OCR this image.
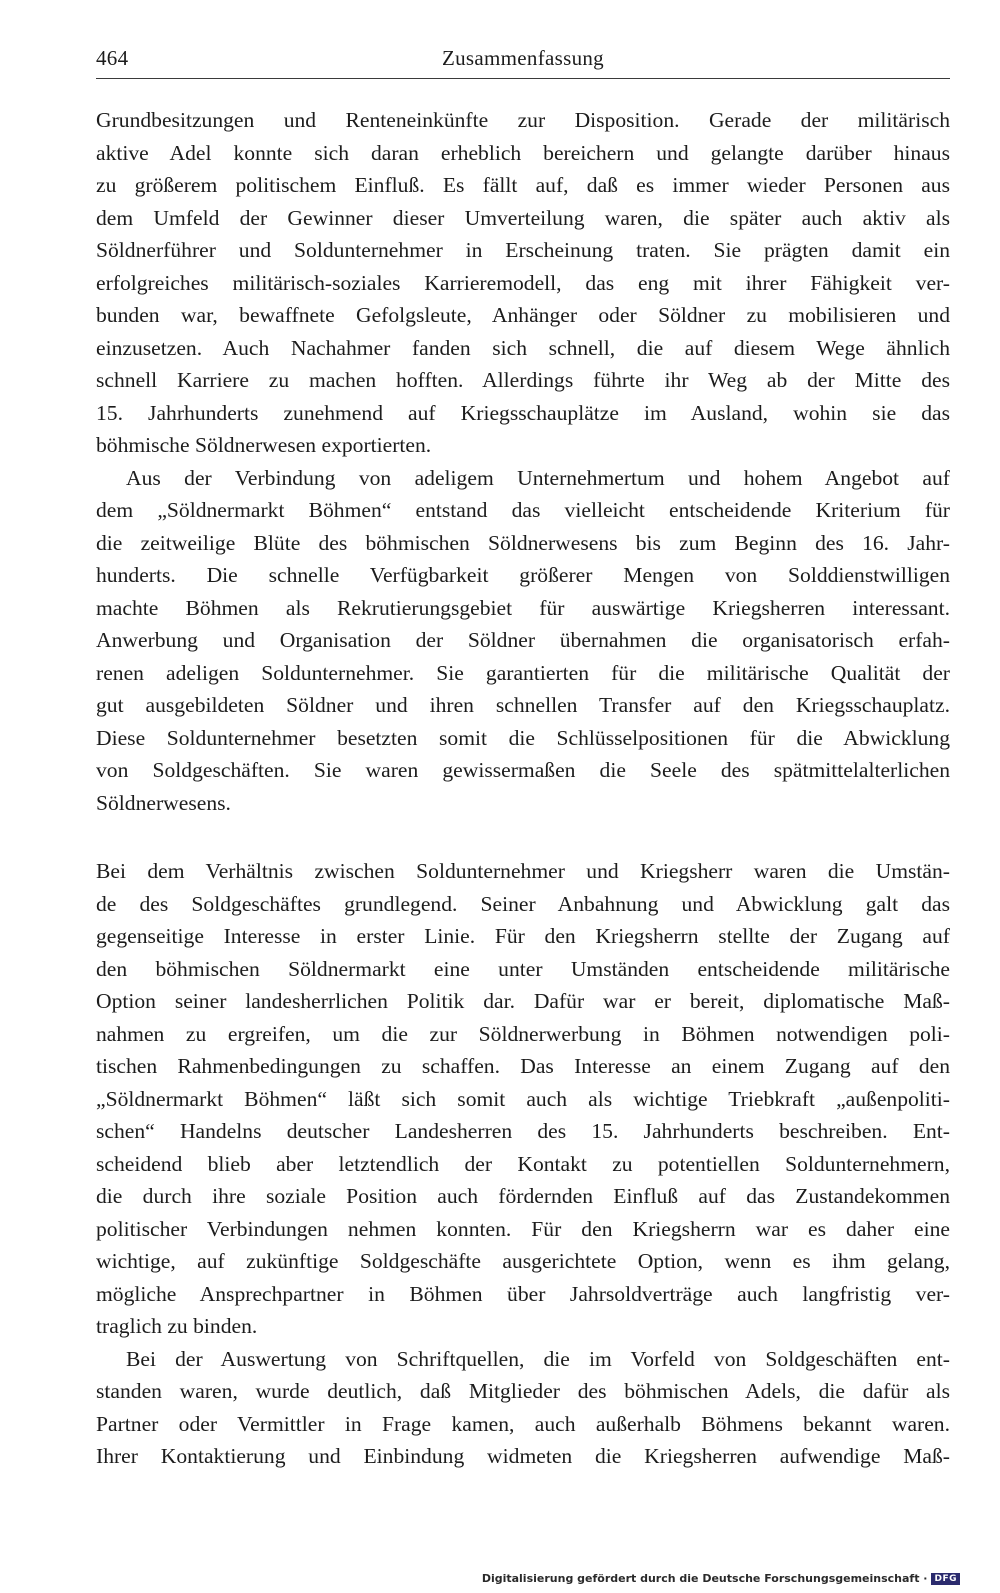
464	Zusammenfassung
Grundbesitzungen und Renteneinkünfte zur Disposition. Gerade der militärisch
aktive Adel konnte sich daran erheblich bereichern und gelangte darüber hinaus
zu größerem politischem Einfluß. Es fällt auf, daß es immer wieder Personen aus
dem Umfeld der Gewinner dieser Umverteilung waren, die später auch aktiv als
Söldnerführer und Soldunternehmer in Erscheinung traten. Sie prägten damit ein
erfolgreiches militärisch-soziales Karrieremodell, das eng mit ihrer Fähigkeit ver-
bunden war, bewaffnete Gefolgsleute, Anhänger oder Söldner zu mobilisieren und
einzusetzen. Auch Nachahmer fanden sich schnell, die auf diesem Wege ähnlich
schnell Karriere zu machen hofften. Allerdings führte ihr Weg ab der Mitte des
15. Jahrhunderts zunehmend auf Kriegsschauplätze im Ausland, wohin sie das
böhmische Söldnerwesen exportierten.
Aus der Verbindung von adeligem Unternehmertum und hohem Angebot auf
dem „Söldnermarkt Böhmen“ entstand das vielleicht entscheidende Kriterium für
die zeitweilige Blüte des böhmischen Söldnerwesens bis zum Beginn des 16. Jahr-
hunderts. Die schnelle Verfügbarkeit größerer Mengen von Solddienstwilligen
machte Böhmen als Rekrutierungsgebiet für auswärtige Kriegsherren interessant.
Anwerbung und Organisation der Söldner übernahmen die organisatorisch erfah-
renen adeligen Soldunternehmer. Sie garantierten für die militärische Qualität der
gut ausgebildeten Söldner und ihren schnellen Transfer auf den Kriegsschauplatz.
Diese Soldunternehmer besetzten somit die Schlüsselpositionen für die Abwicklung
von Soldgeschäften. Sie waren gewissermaßen die Seele des spätmittelalterlichen
Söldnerwesens.
Bei dem Verhältnis zwischen Soldunternehmer und Kriegsherr waren die Umstän-
de des Soldgeschäftes grundlegend. Seiner Anbahnung und Abwicklung galt das
gegenseitige Interesse in erster Linie. Für den Kriegsherrn stellte der Zugang auf
den böhmischen Söldnermarkt eine unter Umständen entscheidende militärische
Option seiner landesherrlichen Politik dar. Dafür war er bereit, diplomatische Maß-
nahmen zu ergreifen, um die zur Söldnerwerbung in Böhmen notwendigen poli-
tischen Rahmenbedingungen zu schaffen. Das Interesse an einem Zugang auf den
„Söldnermarkt Böhmen“ läßt sich somit auch als wichtige Triebkraft „außenpoliti-
schen“ Handelns deutscher Landesherren des 15. Jahrhunderts beschreiben. Ent-
scheidend blieb aber letztendlich der Kontakt zu potentiellen Soldunternehmern,
die durch ihre soziale Position auch fördernden Einfluß auf das Zustandekommen
politischer Verbindungen nehmen konnten. Für den Kriegsherrn war es daher eine
wichtige, auf zukünftige Soldgeschäfte ausgerichtete Option, wenn es ihm gelang,
mögliche Ansprechpartner in Böhmen über Jahrsoldverträge auch langfristig ver-
traglich zu binden.
Bei der Auswertung von Schriftquellen, die im Vorfeld von Soldgeschäften ent-
standen waren, wurde deutlich, daß Mitglieder des böhmischen Adels, die dafür als
Partner oder Vermittler in Frage kamen, auch außerhalb Böhmens bekannt waren.
Ihrer Kontaktierung und Einbindung widmeten die Kriegsherren aufwendige Maß-
Digitalisierung gefördert durch die Deutsche Forschungsgemeinschaft · DFG
